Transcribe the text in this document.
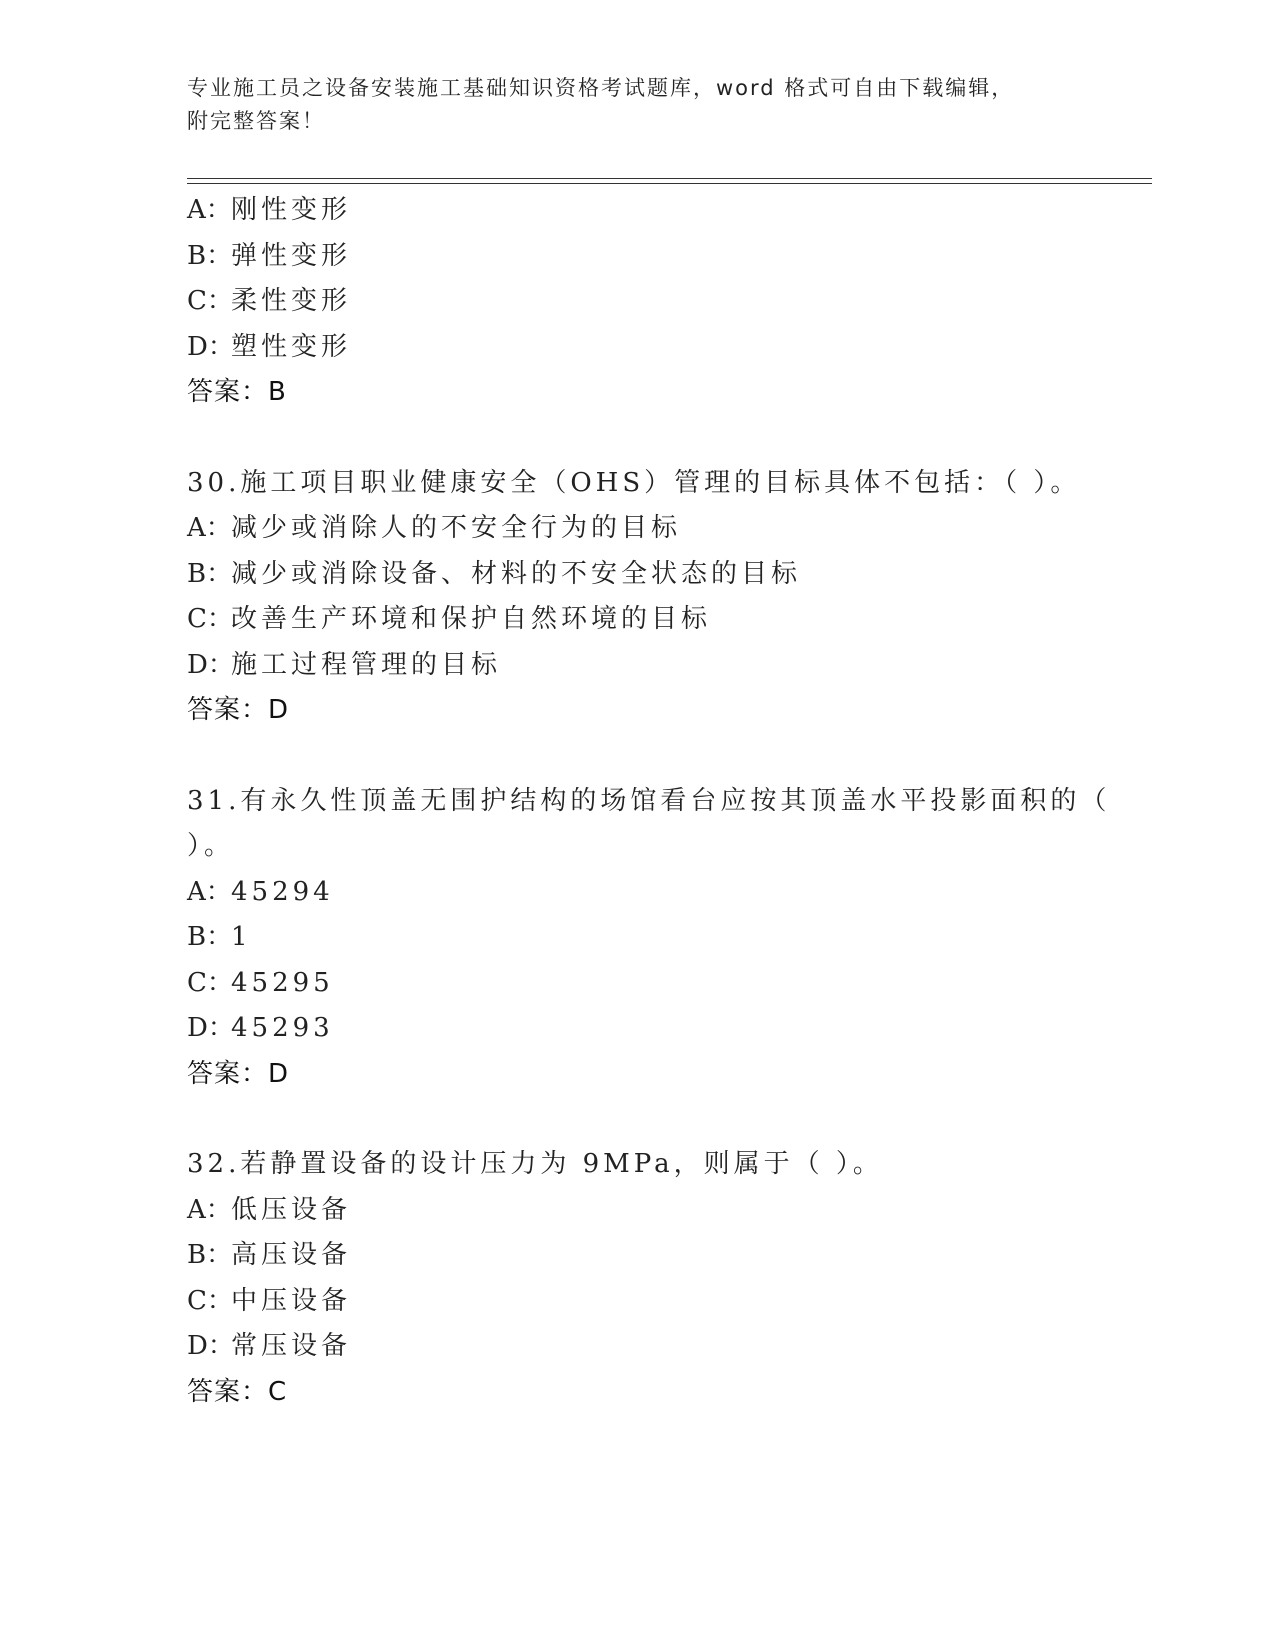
专业施工员之设备安装施工基础知识资格考试题库，word 格式可自由下载编辑，
附完整答案！
A：刚性变形
B：弹性变形
C：柔性变形
D：塑性变形
答案：B
30.施工项目职业健康安全（OHS）管理的目标具体不包括：（ ）。
A：减少或消除人的不安全行为的目标
B：减少或消除设备、材料的不安全状态的目标
C：改善生产环境和保护自然环境的目标
D：施工过程管理的目标
答案：D
31.有永久性顶盖无围护结构的场馆看台应按其顶盖水平投影面积的（
）。
A：45294
B：1
C：45295
D：45293
答案：D
32.若静置设备的设计压力为 9MPa，则属于（ ）。
A：低压设备
B：高压设备
C：中压设备
D：常压设备
答案：C
